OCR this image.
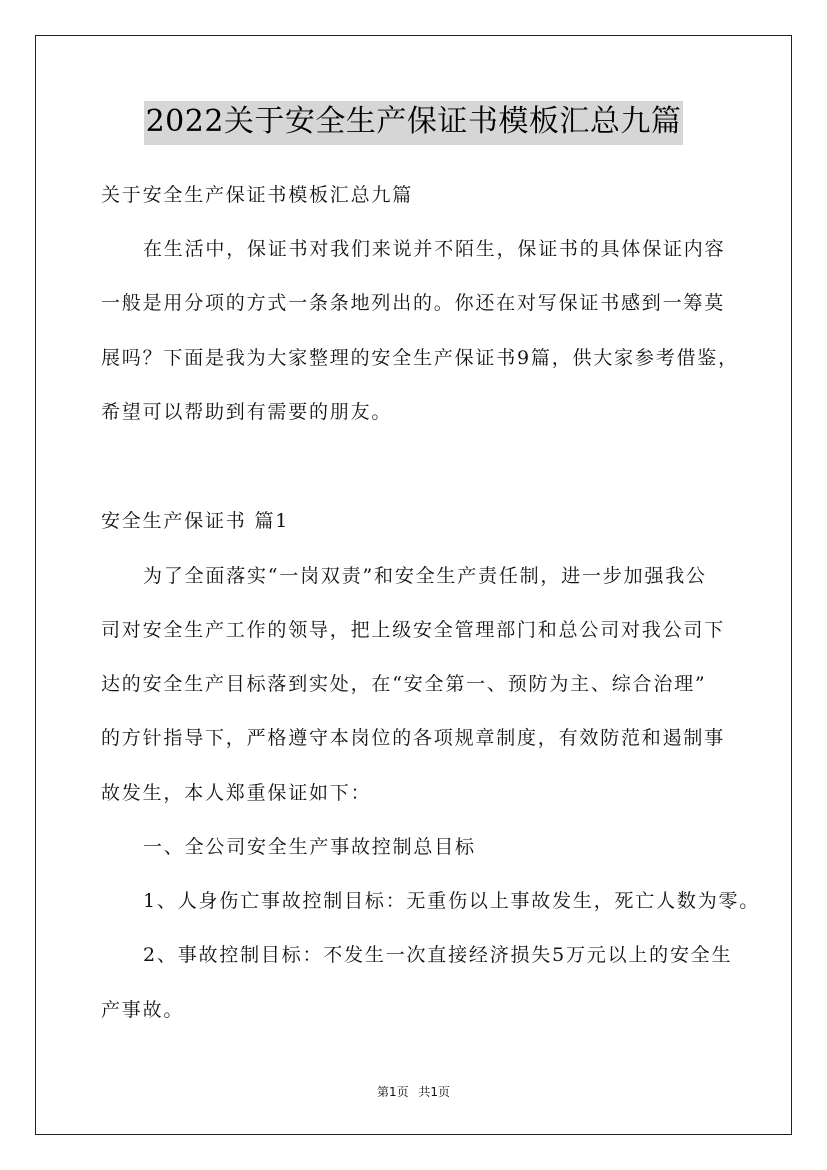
2022关于安全生产保证书模板汇总九篇
关于安全生产保证书模板汇总九篇
在生活中，保证书对我们来说并不陌生，保证书的具体保证内容
一般是用分项的方式一条条地列出的。你还在对写保证书感到一筹莫
展吗？下面是我为大家整理的安全生产保证书9篇，供大家参考借鉴，
希望可以帮助到有需要的朋友。
安全生产保证书 篇1
为了全面落实“一岗双责”和安全生产责任制，进一步加强我公
司对安全生产工作的领导，把上级安全管理部门和总公司对我公司下
达的安全生产目标落到实处，在“安全第一、预防为主、综合治理”
的方针指导下，严格遵守本岗位的各项规章制度，有效防范和遏制事
故发生，本人郑重保证如下：
一、全公司安全生产事故控制总目标
1、人身伤亡事故控制目标：无重伤以上事故发生，死亡人数为零。
2、事故控制目标：不发生一次直接经济损失5万元以上的安全生
产事故。
第1页 共1页
